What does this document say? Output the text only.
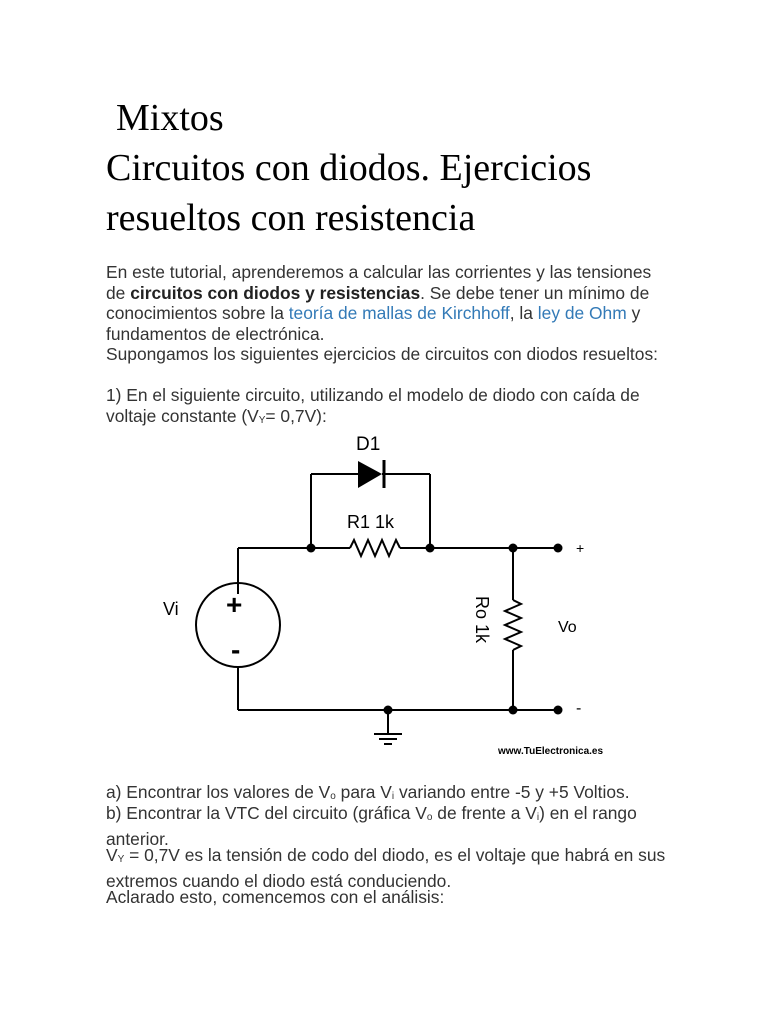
Mixtos
Circuitos con diodos. Ejercicios
resueltos con resistencia

En este tutorial, aprenderemos a calcular las corrientes y las tensiones de circuitos con diodos y resistencias. Se debe tener un mínimo de conocimientos sobre la teoría de mallas de Kirchhoff, la ley de Ohm y fundamentos de electrónica.

Supongamos los siguientes ejercicios de circuitos con diodos resueltos:

1) En el siguiente circuito, utilizando el modelo de diodo con caída de voltaje constante (VY= 0,7V):

D1
R1 1k
Vi +
-
Ro 1k	Vo
+
-
www.TuElectronica.es

a) Encontrar los valores de Vo para Vi variando entre -5 y +5 Voltios.

b) Encontrar la VTC del circuito (gráfica Vo de frente a Vi) en el rango anterior.

VY = 0,7V es la tensión de codo del diodo, es el voltaje que habrá en sus extremos cuando el diodo está conduciendo.

Aclarado esto, comencemos con el análisis:
